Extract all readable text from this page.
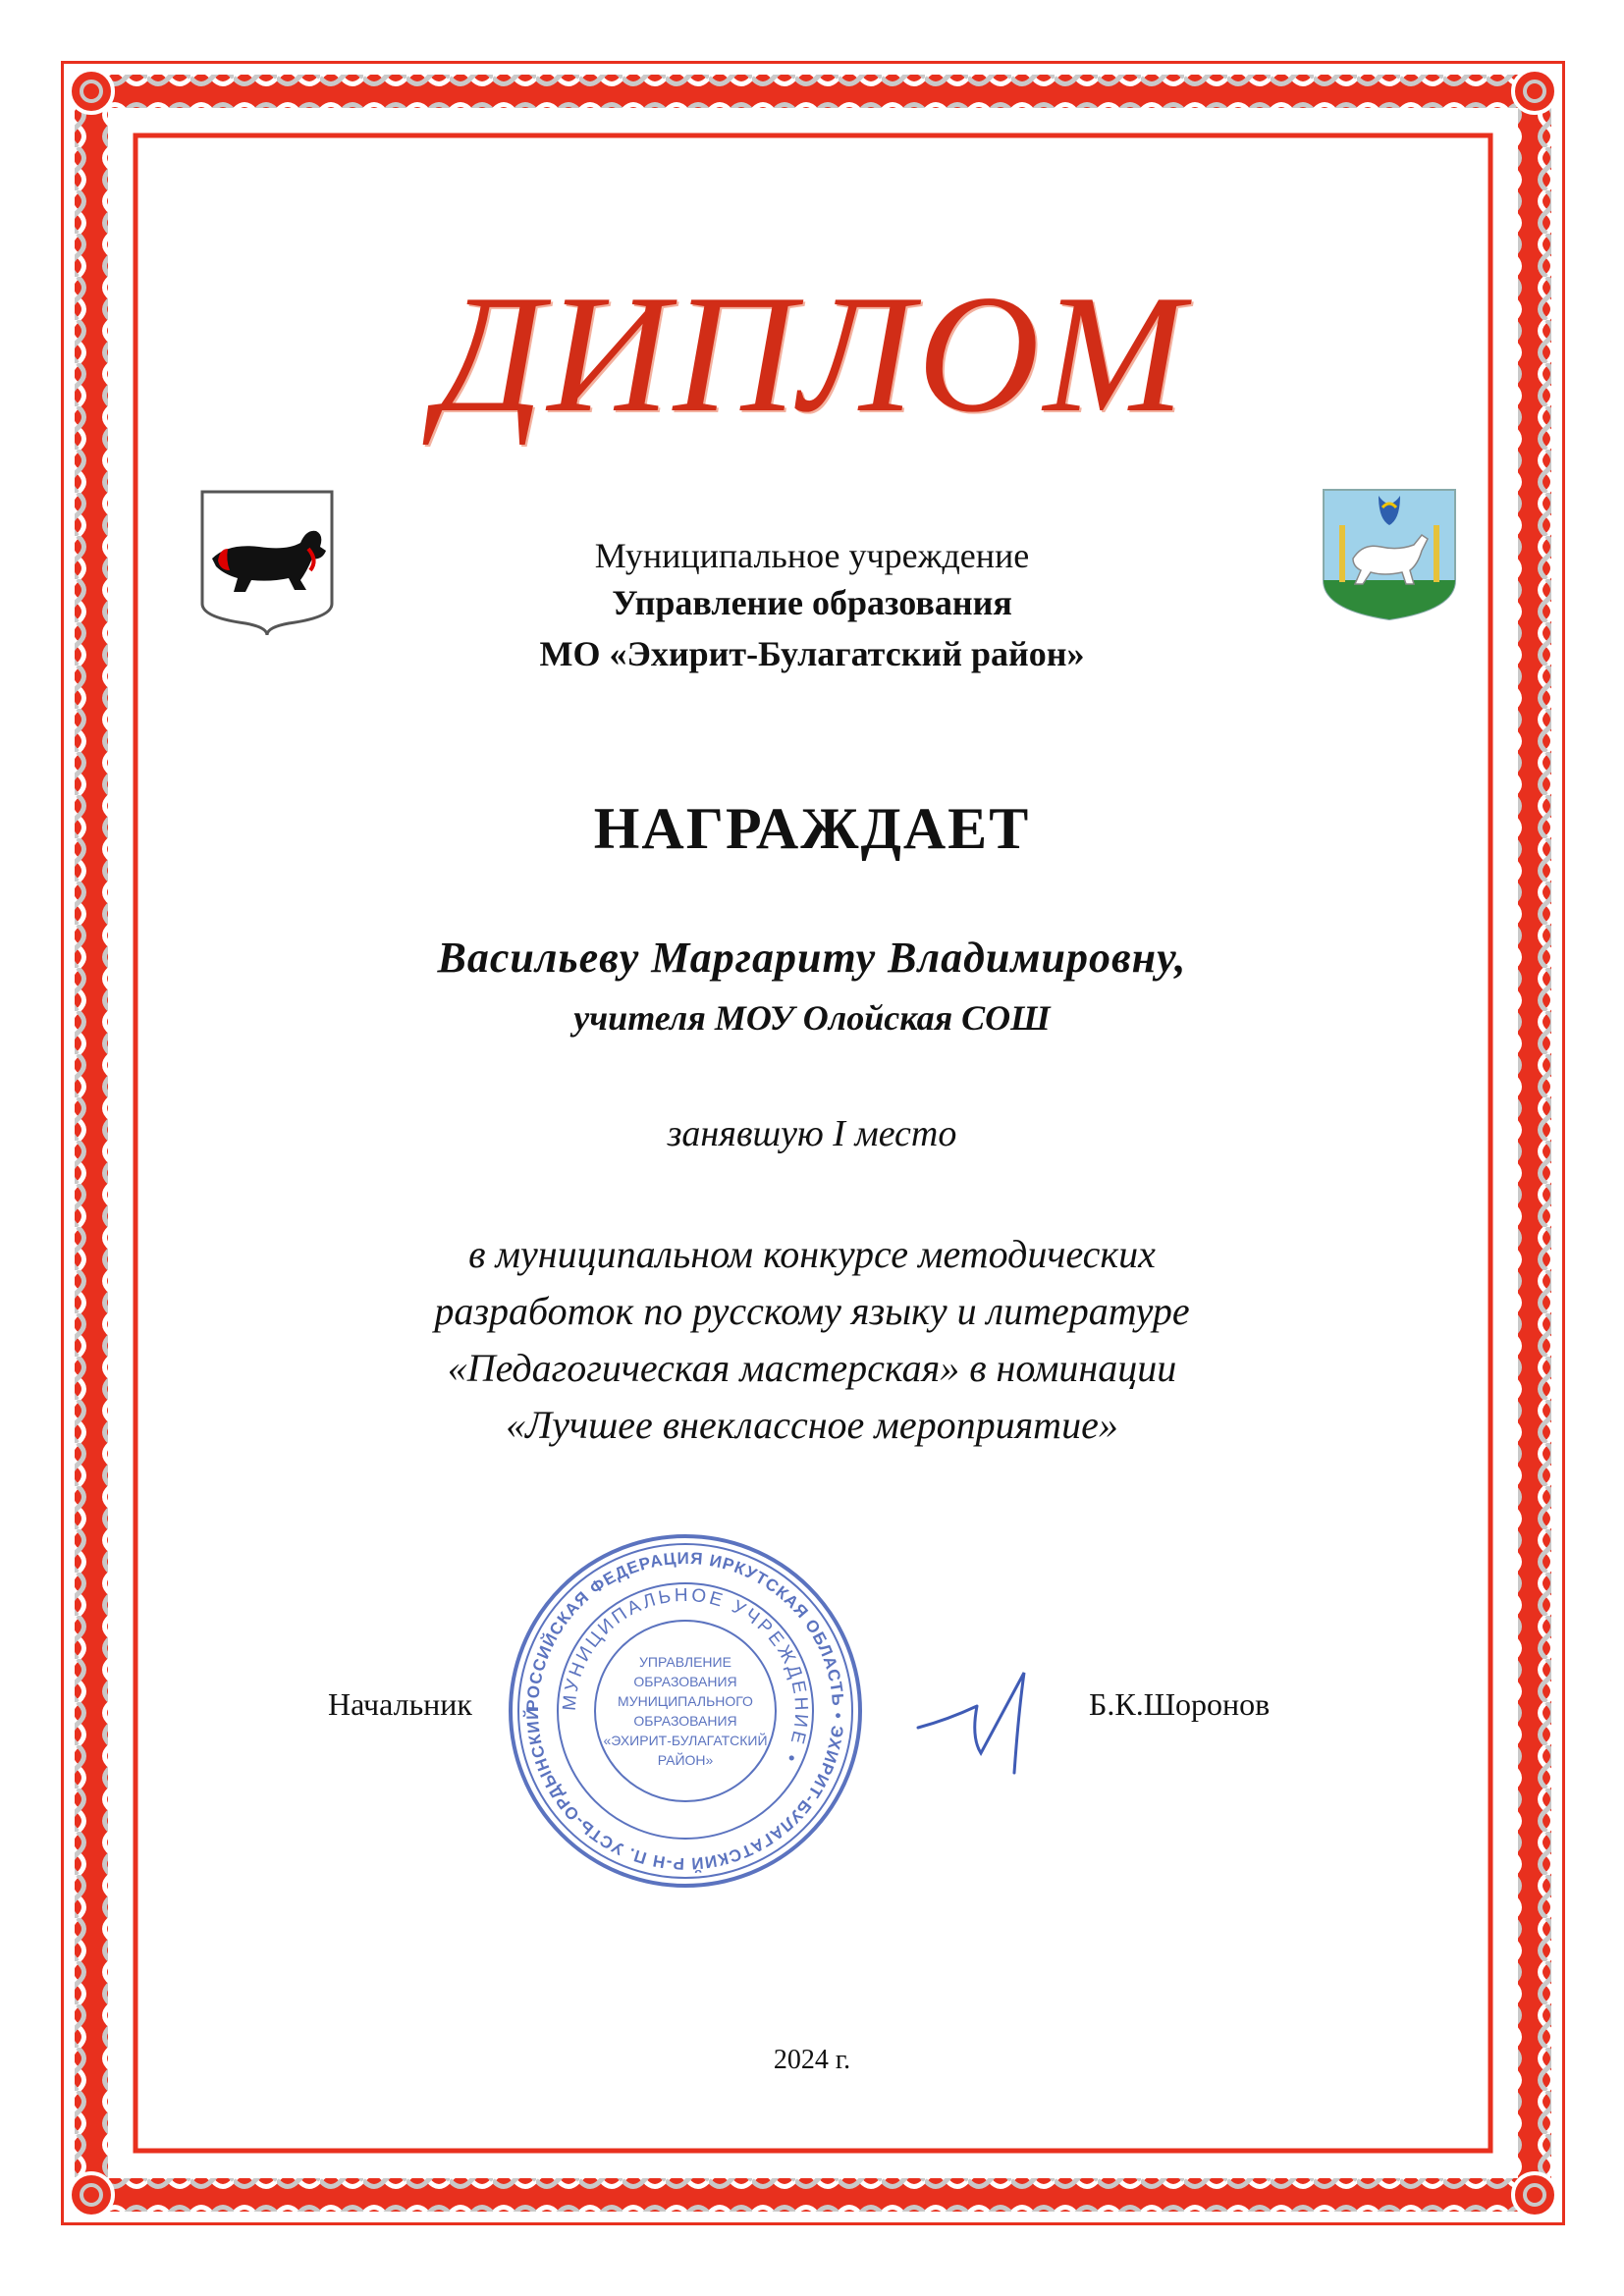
ДИПЛОМ
Муниципальное учреждение
Управление образования
МО «Эхирит-Булагатский район»
НАГРАЖДАЕТ
Васильеву Маргариту Владимировну,
учителя МОУ Олойская СОШ
занявшую I место
в муниципальном конкурсе методических
разработок по русскому языку и литературе
«Педагогическая мастерская» в номинации
«Лучшее внеклассное мероприятие»
РОССИЙСКАЯ ФЕДЕРАЦИЯ ИРКУТСКАЯ ОБЛАСТЬ • ЭХИРИТ-БУЛАГАТСКИЙ Р-Н П. УСТЬ-ОРДЫНСКИЙ
МУНИЦИПАЛЬНОЕ УЧРЕЖДЕНИЕ •
УПРАВЛЕНИЕ
ОБРАЗОВАНИЯ
МУНИЦИПАЛЬНОГО
ОБРАЗОВАНИЯ
«ЭХИРИТ-БУЛАГАТСКИЙ
РАЙОН»
Начальник	Б.К.Шоронов
2024 г.
